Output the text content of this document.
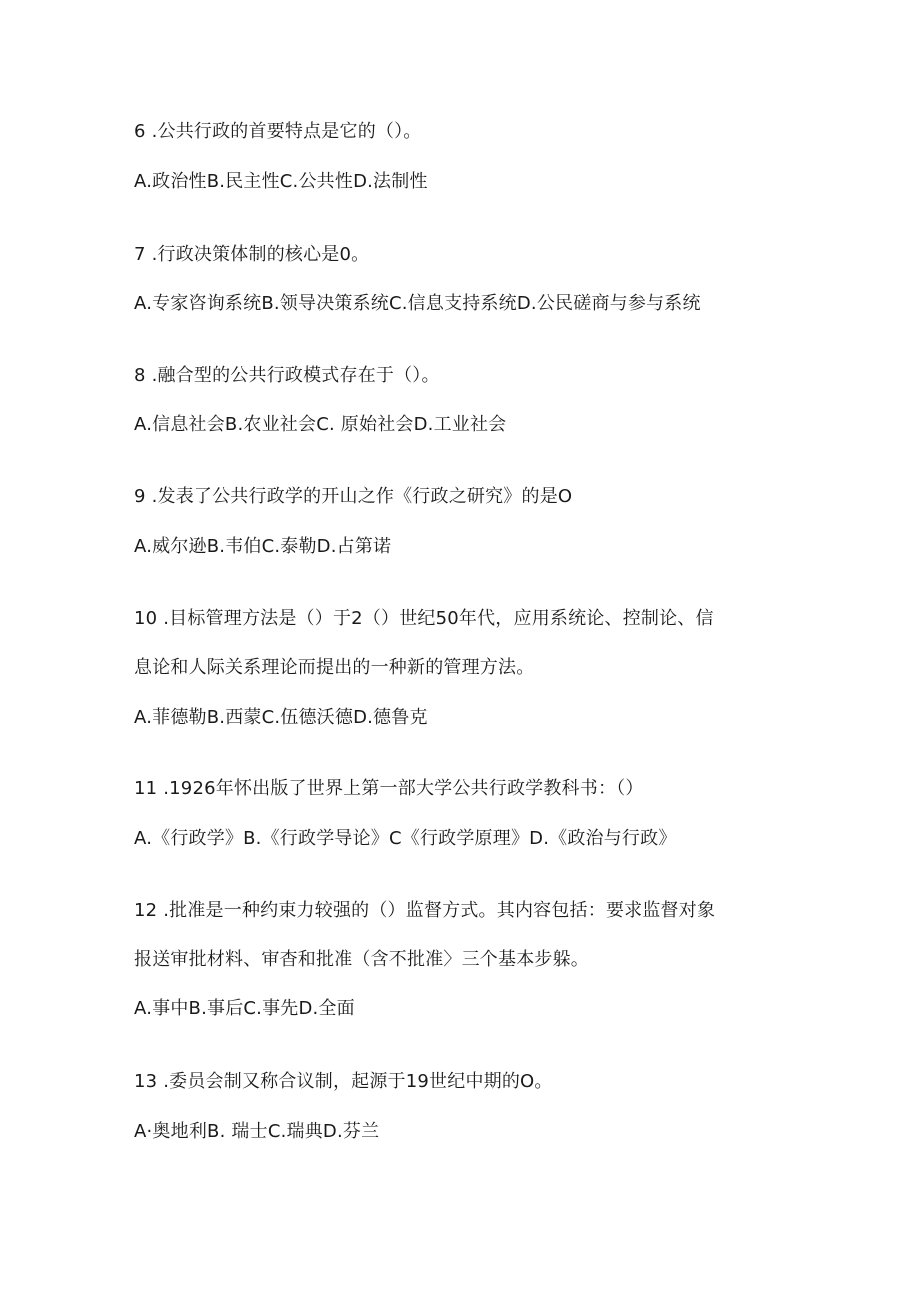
6 .公共行政的首要特点是它的（）。
A.政治性B.民主性C.公共性D.法制性
7 .行政决策体制的核心是0。
A.专家咨询系统B.领导决策系统C.信息支持系统D.公民磋商与参与系统
8 .融合型的公共行政模式存在于（）。
A.信息社会B.农业社会C. 原始社会D.工业社会
9 .发表了公共行政学的开山之作《行政之研究》的是O
A.威尔逊B.韦伯C.泰勒D.占第诺
10 .目标管理方法是（）于2（）世纪50年代，应用系统论、控制论、信
息论和人际关系理论而提出的一种新的管理方法。
A.菲德勒B.西蒙C.伍德沃德D.德鲁克
11 .1926年怀出版了世界上第一部大学公共行政学教科书：（）
A.《行政学》B.《行政学导论》C《行政学原理》D.《政治与行政》
12 .批准是一种约束力较强的（）监督方式。其内容包括：要求监督对象
报送审批材料、审杳和批准（含不批准〉三个基本步躲。
A.事中B.事后C.事先D.全面
13 .委员会制又称合议制，起源于19世纪中期的O。
A·奥地利B. 瑞士C.瑞典D.芬兰
